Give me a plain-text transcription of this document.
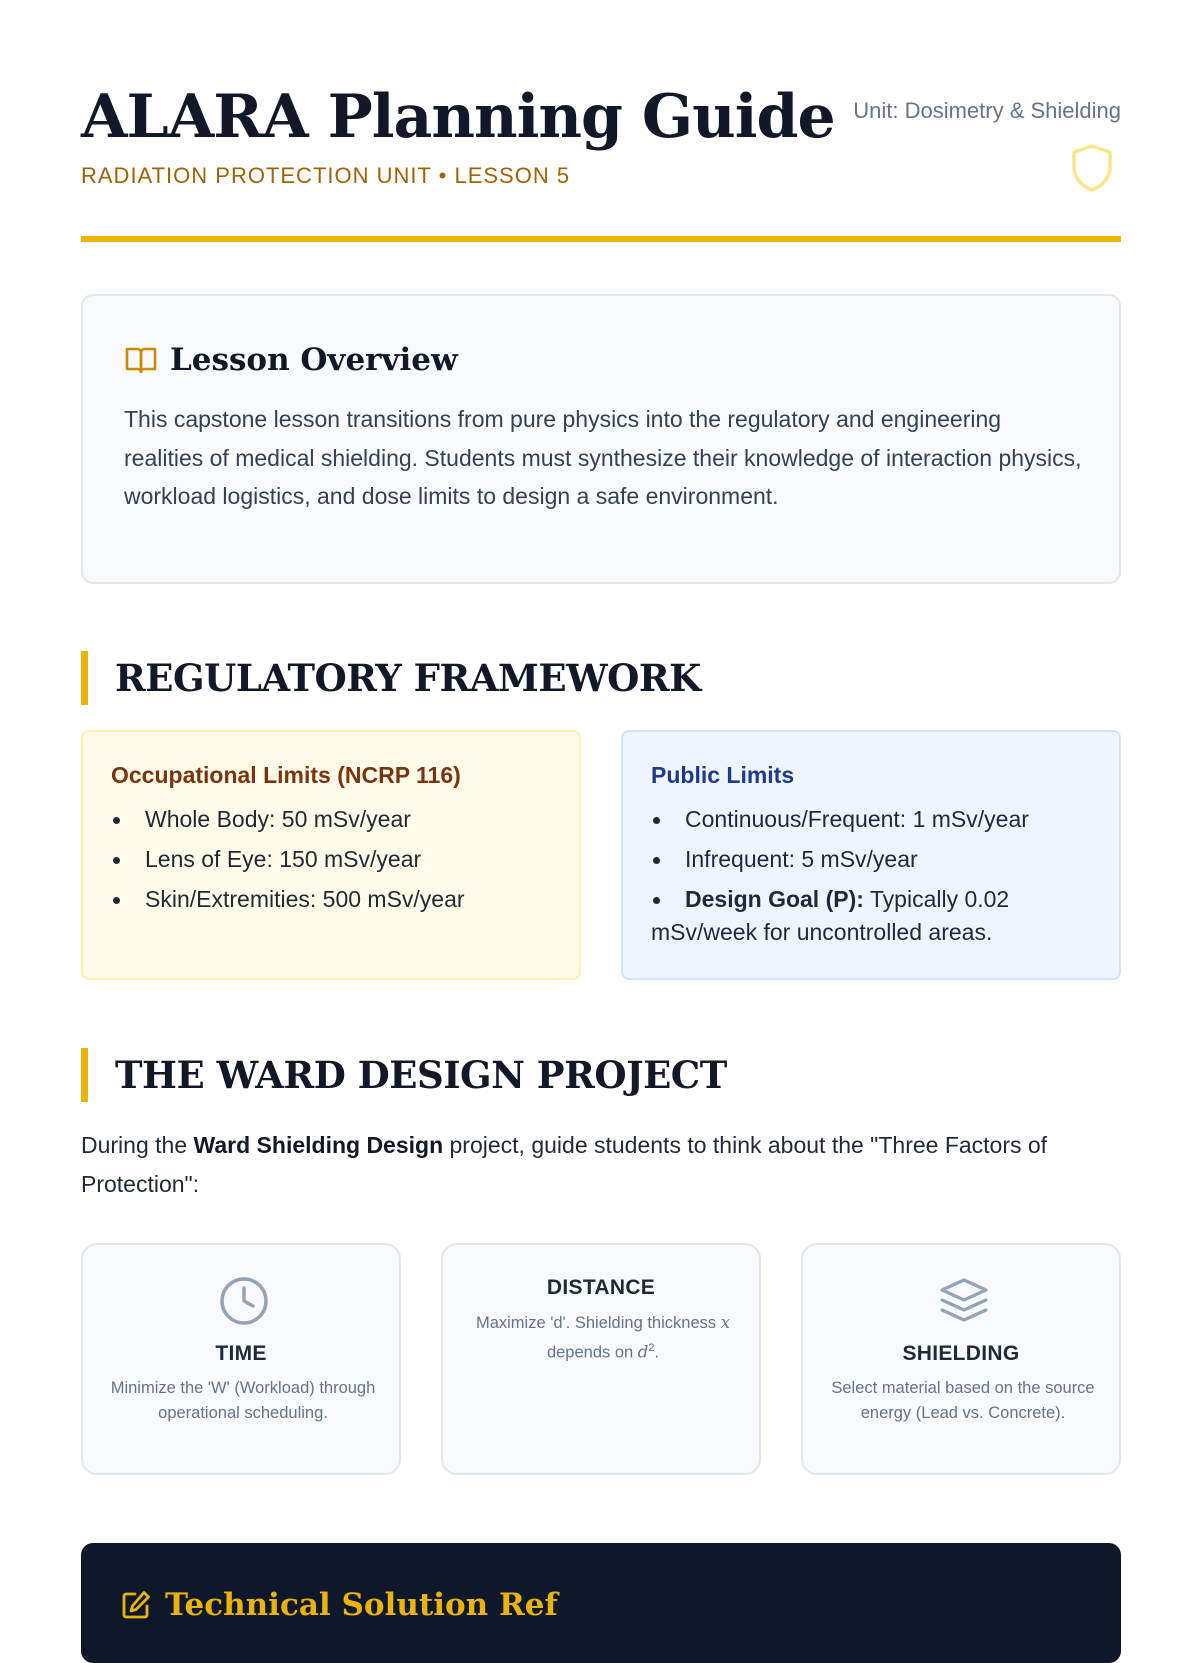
ALARA Planning Guide
RADIATION PROTECTION UNIT • LESSON 5
Unit: Dosimetry & Shielding
Lesson Overview

This capstone lesson transitions from pure physics into the regulatory and engineering realities of medical shielding. Students must synthesize their knowledge of interaction physics, workload logistics, and dose limits to design a safe environment.

REGULATORY FRAMEWORK
Occupational Limits (NCRP 116)
Whole Body: 50 mSv/year
Lens of Eye: 150 mSv/year
Skin/Extremities: 500 mSv/year
Public Limits
Continuous/Frequent: 1 mSv/year
Infrequent: 5 mSv/year
Design Goal (P): Typically 0.02 mSv/week for uncontrolled areas.
THE WARD DESIGN PROJECT

During the Ward Shielding Design project, guide students to think about the "Three Factors of Protection":

TIME
Minimize the 'W' (Workload) through operational scheduling.
DISTANCE
Maximize 'd'. Shielding thickness x depends on $d^2$.	SHIELDING
Select material based on the source energy (Lead vs. Concrete).
Technical Solution Ref
